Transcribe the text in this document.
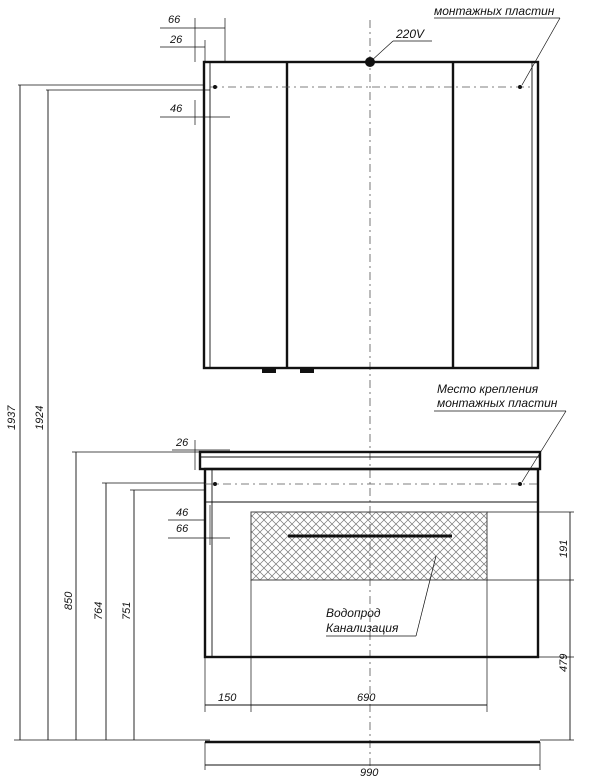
66
26
46
220V
монтажных пластин
1937 1924
Место крепления
монтажных пластин
26
46
66
850
764 751
191
479
Водопрод
Канализация
150	690
990
